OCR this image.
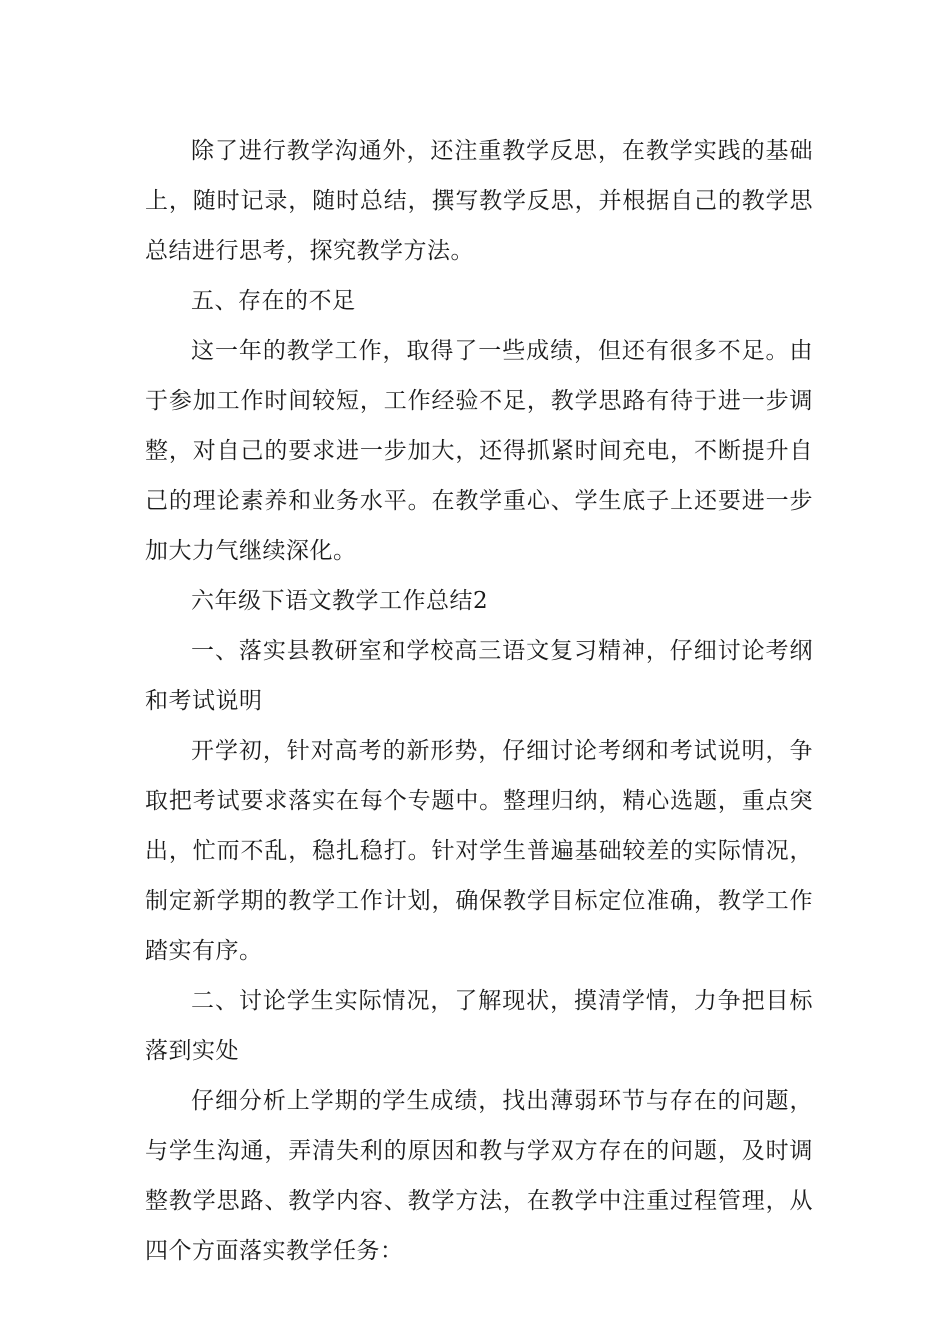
除了进行教学沟通外，还注重教学反思，在教学实践的基础上，随时记录，随时总结，撰写教学反思，并根据自己的教学思总结进行思考，探究教学方法。

五、存在的不足

这一年的教学工作，取得了一些成绩，但还有很多不足。由于参加工作时间较短，工作经验不足，教学思路有待于进一步调整，对自己的要求进一步加大，还得抓紧时间充电，不断提升自己的理论素养和业务水平。在教学重心、学生底子上还要进一步加大力气继续深化。

六年级下语文教学工作总结2

一、落实县教研室和学校高三语文复习精神，仔细讨论考纲和考试说明

开学初，针对高考的新形势，仔细讨论考纲和考试说明，争取把考试要求落实在每个专题中。整理归纳，精心选题，重点突出，忙而不乱，稳扎稳打。针对学生普遍基础较差的实际情况，制定新学期的教学工作计划，确保教学目标定位准确，教学工作踏实有序。

二、讨论学生实际情况，了解现状，摸清学情，力争把目标落到实处

仔细分析上学期的学生成绩，找出薄弱环节与存在的问题，与学生沟通，弄清失利的原因和教与学双方存在的问题，及时调整教学思路、教学内容、教学方法，在教学中注重过程管理，从四个方面落实教学任务：
